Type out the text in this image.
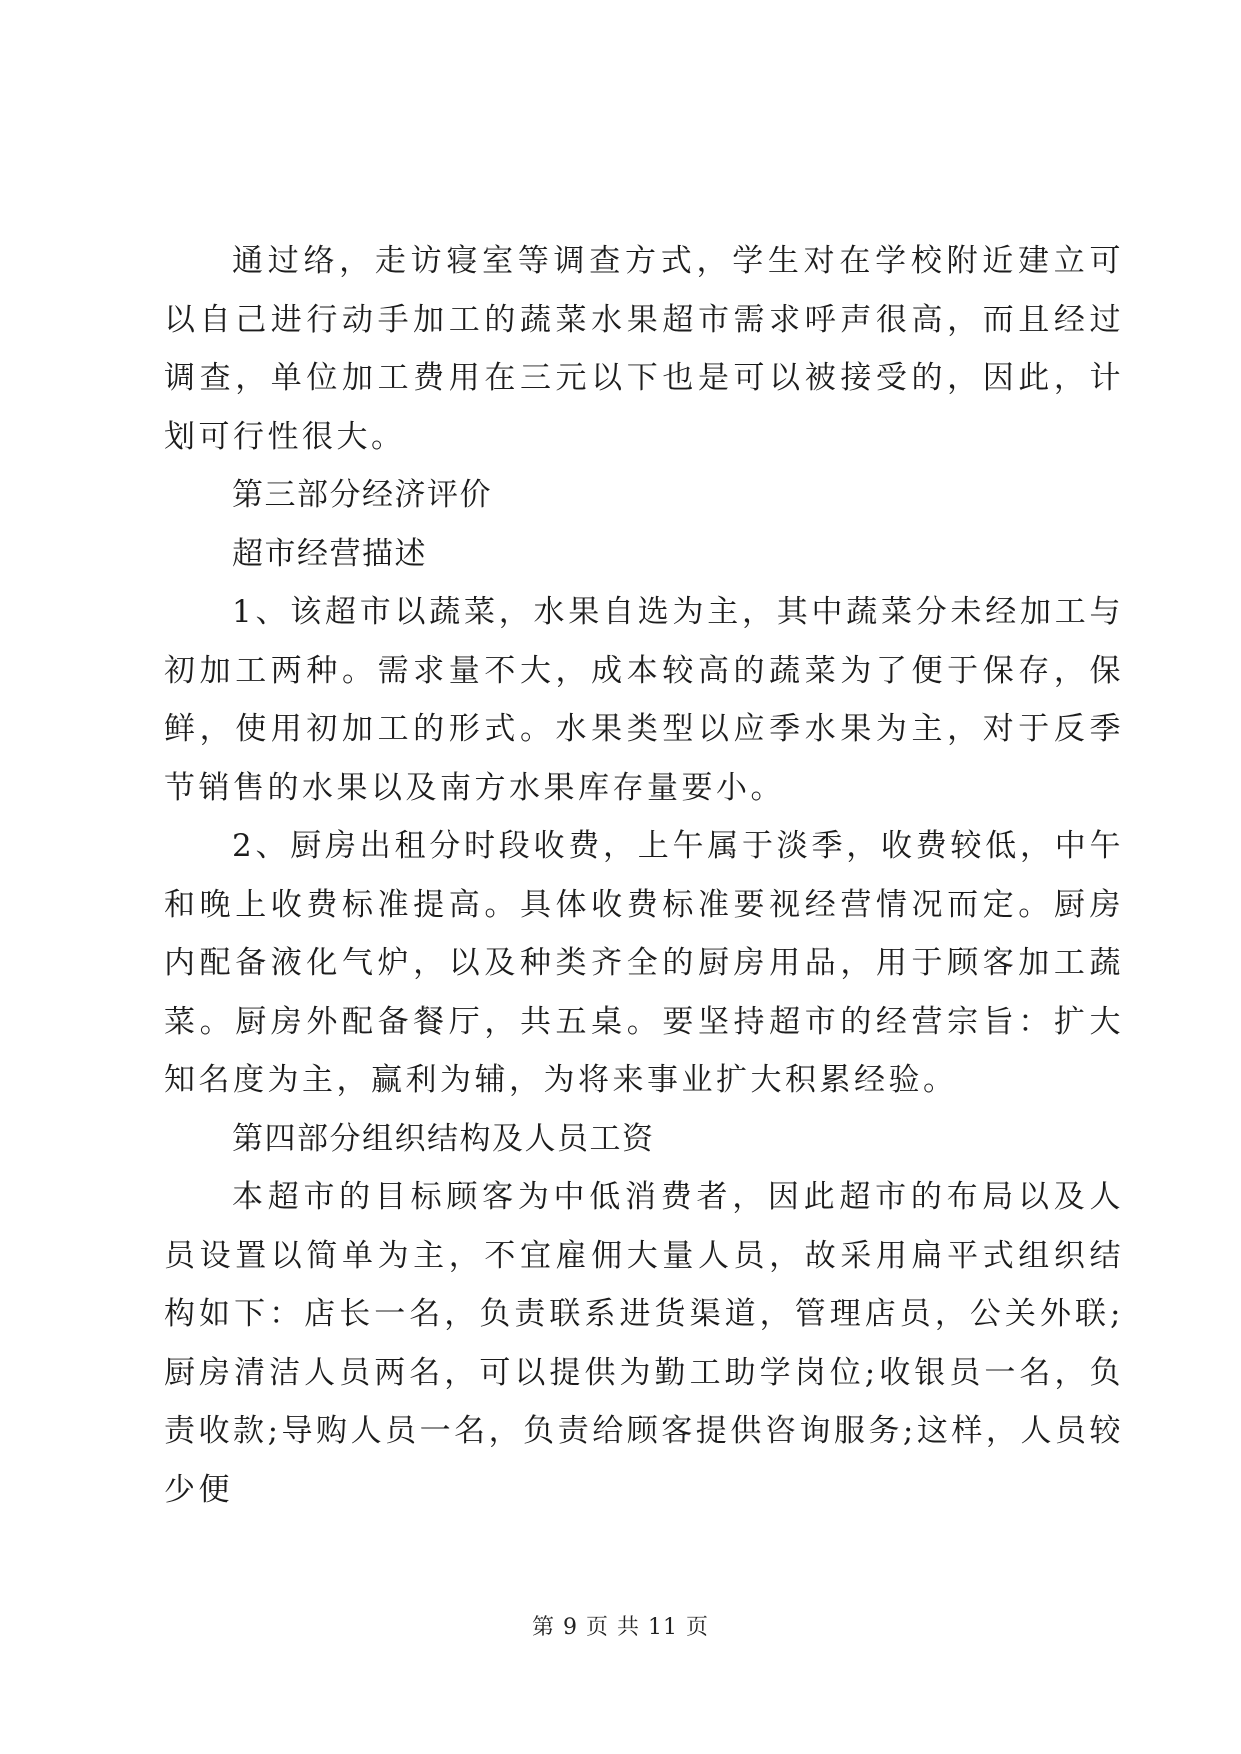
通过络，走访寝室等调查方式，学生对在学校附近建立可以自己进行动手加工的蔬菜水果超市需求呼声很高，而且经过调查，单位加工费用在三元以下也是可以被接受的，因此，计划可行性很大。

第三部分经济评价

超市经营描述

1、该超市以蔬菜，水果自选为主，其中蔬菜分未经加工与初加工两种。需求量不大，成本较高的蔬菜为了便于保存，保鲜，使用初加工的形式。水果类型以应季水果为主，对于反季节销售的水果以及南方水果库存量要小。

2、厨房出租分时段收费，上午属于淡季，收费较低，中午和晚上收费标准提高。具体收费标准要视经营情况而定。厨房内配备液化气炉，以及种类齐全的厨房用品，用于顾客加工蔬菜。厨房外配备餐厅，共五桌。要坚持超市的经营宗旨：扩大知名度为主，赢利为辅，为将来事业扩大积累经验。

第四部分组织结构及人员工资

本超市的目标顾客为中低消费者，因此超市的布局以及人员设置以简单为主，不宜雇佣大量人员，故采用扁平式组织结构如下：店长一名，负责联系进货渠道，管理店员，公关外联;厨房清洁人员两名，可以提供为勤工助学岗位;收银员一名，负责收款;导购人员一名，负责给顾客提供咨询服务;这样，人员较少便

第 9 页 共 11 页
